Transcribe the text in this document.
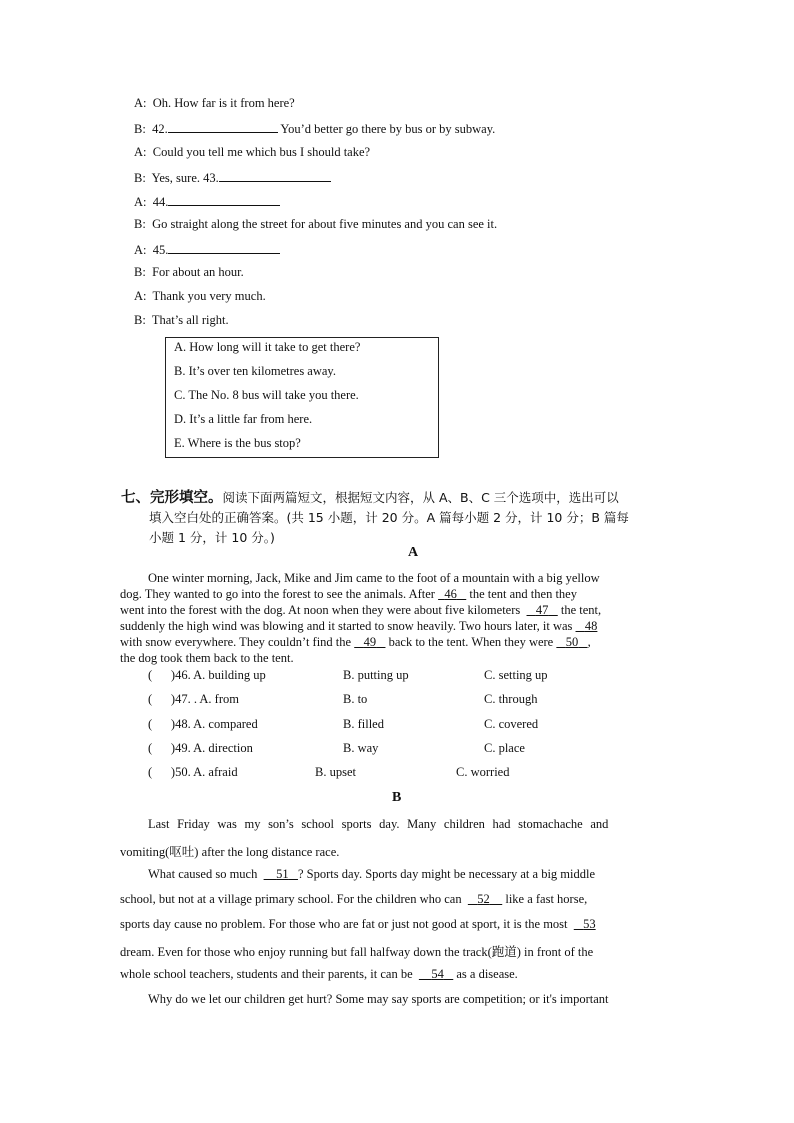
A: Oh. How far is it from here?
B: 42.	You’d better go there by bus or by subway.
A: Could you tell me which bus I should take?
B: Yes, sure. 43.
A: 44.
B: Go straight along the street for about five minutes and you can see it.
A: 45.
B: For about an hour.
A: Thank you very much.
B: That’s all right.
A. How long will it take to get there?
B. It’s over ten kilometres away.
C. The No. 8 bus will take you there.
D. It’s a little far from here.
E. Where is the bus stop?
七、完形填空。阅读下面两篇短文，根据短文内容，从 A、B、C 三个选项中，选出可以
填入空白处的正确答案。(共 15 小题，计 20 分。A 篇每小题 2 分，计 10 分；B 篇每
小题 1 分，计 10 分。)
A
One winter morning, Jack, Mike and Jim came to the foot of a mountain with a big yellow
dog. They wanted to go into the forest to see the animals. After 46    the tent and then they
went into the forest with the dog. At noon when they were about five kilometers 47    the tent,
suddenly the high wind was blowing and it started to snow heavily. Two hours later, it was 48
with snow everywhere. They couldn’t find the 49    back to the tent. When they were 50 ,
the dog took them back to the tent.
( )46. A. building up	B. putting up	C. setting up
( )47. . A. from	B. to	C. through
( )48. A. compared	B. filled	C. covered
( )49. A. direction	B. way	C. place
( )50. A. afraid	B. upset	C. worried
B
Last Friday was my son’s school sports day. Many children had stomachache and
vomiting(呕吐) after the long distance race.
What caused so much 51 ? Sports day. Sports day might be necessary at a big middle
school, but not at a village primary school. For the children who can 52     like a fast horse,
sports day cause no problem. For those who are fat or just not good at sport, it is the most 53
dream. Even for those who enjoy running but fall halfway down the track(跑道) in front of the
whole school teachers, students and their parents, it can be 54    as a disease.
Why do we let our children get hurt? Some may say sports are competition; or it's important
